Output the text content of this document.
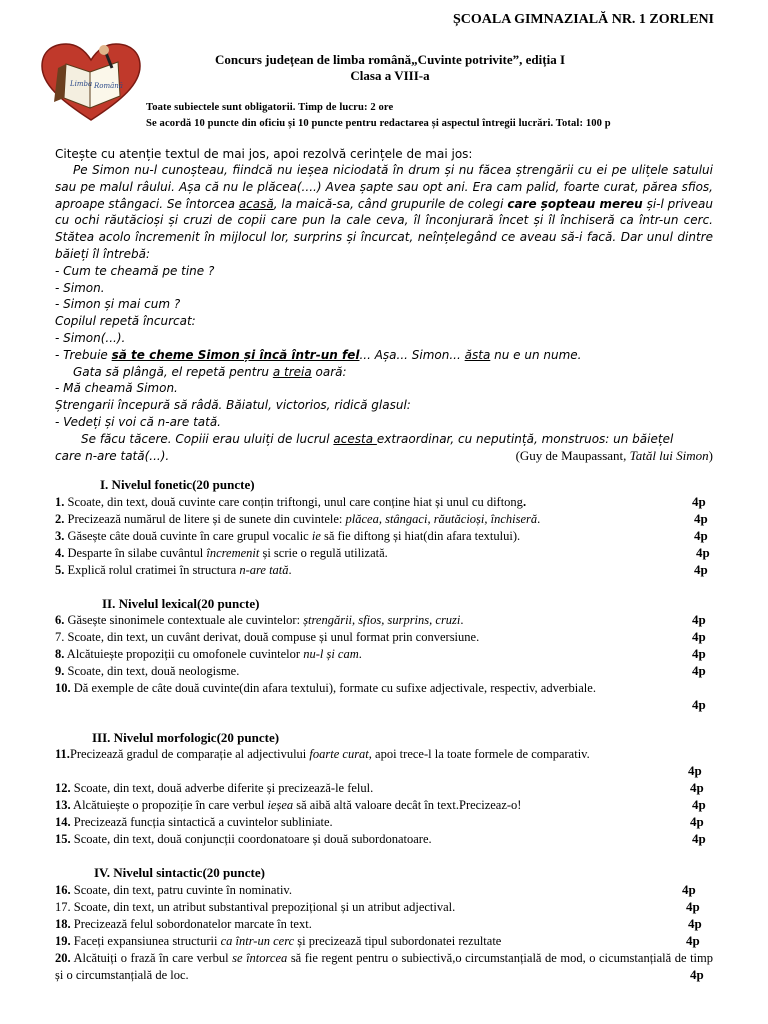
ȘCOALA GIMNAZIALĂ NR. 1 ZORLENI
Limba Română
Concurs județean de limba română„Cuvinte potrivite”, ediția I
Clasa a VIII-a
Toate subiectele sunt obligatorii. Timp de lucru: 2 ore
Se acordă 10 puncte din oficiu și 10 puncte pentru redactarea și aspectul întregii lucrări. Total: 100 p
Citește cu atenție textul de mai jos, apoi rezolvă cerințele de mai jos:

Pe Simon nu-l cunoșteau, fiindcă nu ieșea niciodată în drum și nu făcea ștrengării cu ei pe ulițele satului sau pe malul râului. Așa că nu le plăcea(....) Avea șapte sau opt ani. Era cam palid, foarte curat, părea sfios, aproape stângaci. Se întorcea acasă, la maică-sa, când grupurile de colegi care șopteau mereu și-l priveau cu ochi răutăcioși și cruzi de copii care pun la cale ceva, îl înconjurară încet și îl închiseră ca într-un cerc. Stătea acolo încremenit în mijlocul lor, surprins și încurcat, neînțelegând ce aveau să-i facă. Dar unul dintre băieți îl întrebă:

- Cum te cheamă pe tine ?

- Simon.

- Simon și mai cum ?

Copilul repetă încurcat:

- Simon(...).

- Trebuie să te cheme Simon și încă într-un fel... Așa... Simon... ăsta nu e un nume.

Gata să plângă, el repetă pentru a treia oară:

- Mă cheamă Simon.

Ștrengarii începură să râdă. Băiatul, victorios, ridică glasul:

- Vedeți și voi că n-are tată.

Se făcu tăcere. Copiii erau uluiți de lucrul acesta extraordinar, cu neputință, monstruos: un băiețel

care n-are tată(...).	(Guy de Maupassant, Tatăl lui Simon)
I. Nivelul fonetic(20 puncte)
1. Scoate, din text, două cuvinte care conțin triftongi, unul care conține hiat și unul cu diftong.	4p
2. Precizează numărul de litere și de sunete din cuvintele: plăcea, stângaci, răutăcioși, închiseră.	4p
3. Găsește câte două cuvinte în care grupul vocalic ie să fie diftong și hiat(din afara textului).	4p
4. Desparte în silabe cuvântul încremenit și scrie o regulă utilizată.	4p
5. Explică rolul cratimei în structura n-are tată.	4p
II. Nivelul lexical(20 puncte)
6. Găsește sinonimele contextuale ale cuvintelor: ștrengării, sfios, surprins, cruzi.	4p
7. Scoate, din text, un cuvânt derivat, două compuse și unul format prin conversiune.	4p
8. Alcătuiește propoziții cu omofonele cuvintelor nu-l și cam.	4p
9. Scoate, din text, două neologisme.	4p
10. Dă exemple de câte două cuvinte(din afara textului), formate cu sufixe adjectivale, respectiv, adverbiale.
4p
III. Nivelul morfologic(20 puncte)
11.Precizează gradul de comparație al adjectivului foarte curat, apoi trece-l la toate formele de comparativ.
4p
12. Scoate, din text, două adverbe diferite și precizează-le felul.	4p
13. Alcătuiește o propoziție în care verbul ieșea să aibă altă valoare decât în text.Precizeaz-o!	4p
14. Precizează funcția sintactică a cuvintelor subliniate.	4p
15. Scoate, din text, două conjuncții coordonatoare și două subordonatoare.	4p
IV. Nivelul sintactic(20 puncte)
16. Scoate, din text, patru cuvinte în nominativ.	4p
17. Scoate, din text, un atribut substantival prepozițional și un atribut adjectival.	4p
18. Precizează felul sobordonatelor marcate în text.	4p
19. Faceți expansiunea structurii ca într-un cerc și precizează tipul subordonatei rezultate	4p
20. Alcătuiți o frază în care verbul se întorcea să fie regent pentru o subiectivă,o circumstanțială de mod, o cicumstanțială de timp și o circumstanțială de loc.	4p
